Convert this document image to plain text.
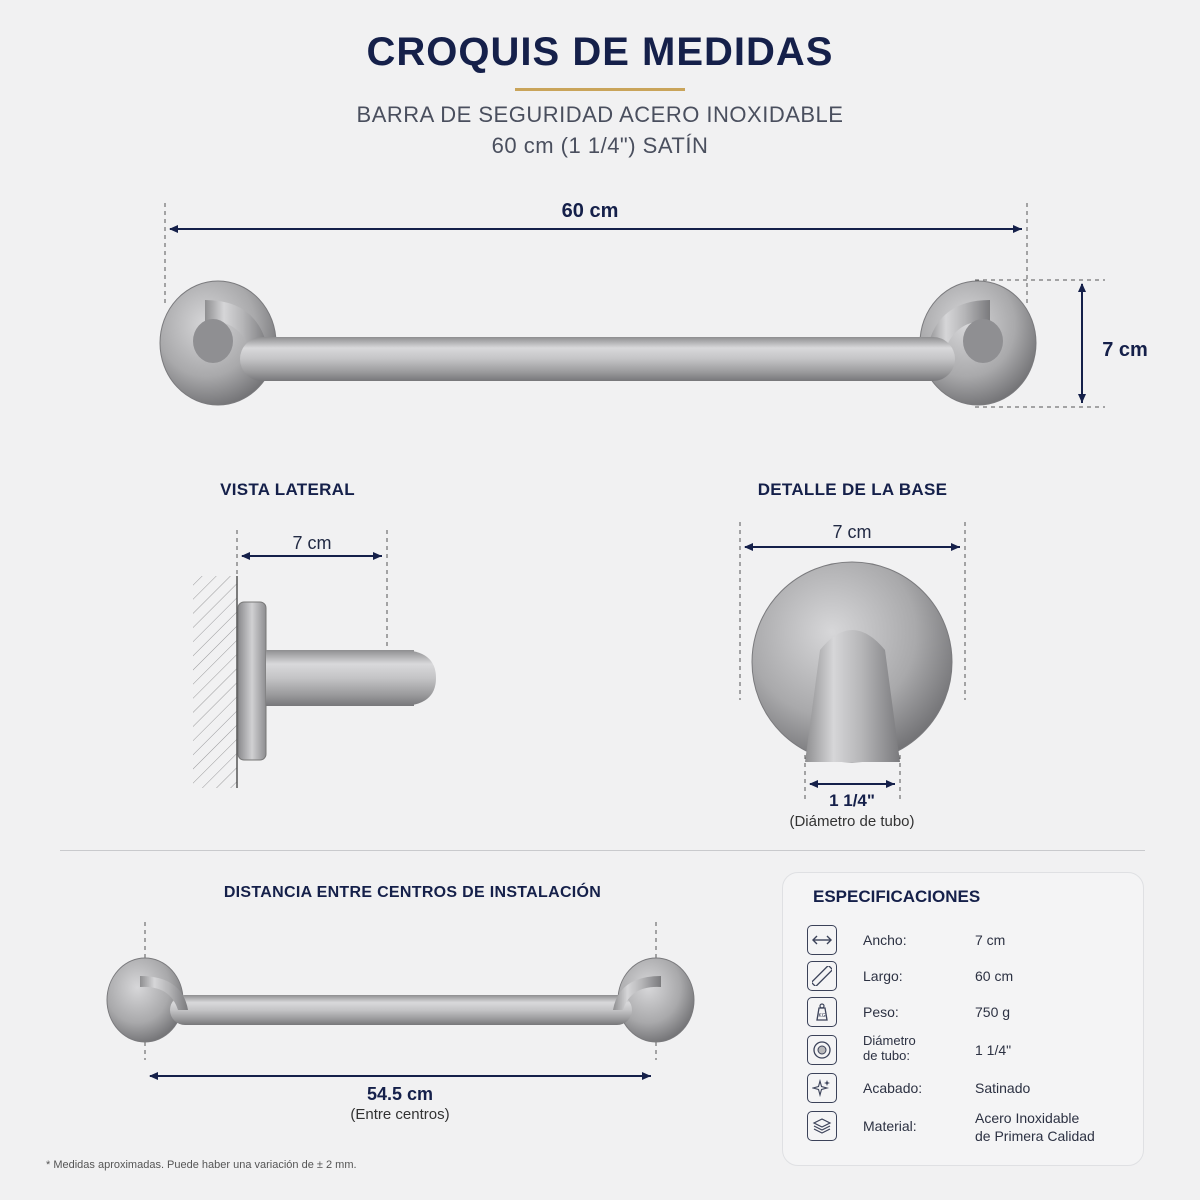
CROQUIS DE MEDIDAS
BARRA DE SEGURIDAD ACERO INOXIDABLE
60 cm (1 1/4") SATÍN
60 cm
7 cm
VISTA LATERAL
7 cm
DETALLE DE LA BASE
7 cm
1 1/4"
(Diámetro de tubo)
DISTANCIA ENTRE CENTROS DE INSTALACIÓN
54.5 cm
(Entre centros)
ESPECIFICACIONES
Ancho:	7 cm
Largo:	60 cm
KG	Peso:	750 g
Diámetro
de tubo:	1 1/4"
Acabado:	Satinado
Material:	Acero Inoxidable
de Primera Calidad
* Medidas aproximadas. Puede haber una variación de ± 2 mm.
